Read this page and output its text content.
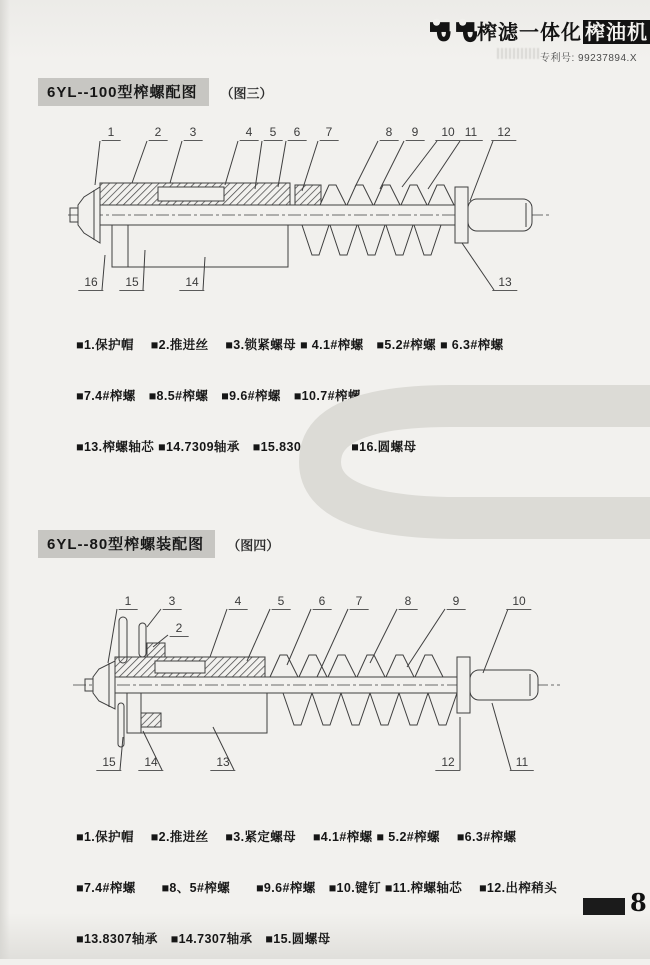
榨滤一体化 榨油机
专利号: 99237894.X
6YL--100型榨螺配图	（图三）
1	2	3	4	5	6	7	8	9	10 11	12
16	15	14	13

■1.保护帽　 ■2.推进丝　 ■3.锁紧螺母 ■ 4.1#榨螺　■5.2#榨螺 ■ 6.3#榨螺

■7.4#榨螺　■8.5#榨螺　■9.6#榨螺　■10.7#榨螺　 ■11.出渣稍头　■12.键钉

■13.榨螺轴芯 ■14.7309轴承　■15.8309轴承　 ■16.圆螺母

6YL--80型榨螺装配图	（图四）
1	3
2
4	5	6	7	8	9	10
15	14	13	12	11

■1.保护帽　 ■2.推进丝　 ■3.紧定螺母　 ■4.1#榨螺 ■ 5.2#榨螺　 ■6.3#榨螺

■7.4#榨螺　　■8、5#榨螺　　■9.6#榨螺　■10.键钉 ■11.榨螺轴芯　 ■12.出榨稍头

■13.8307轴承　■14.7307轴承　■15.圆螺母

8
